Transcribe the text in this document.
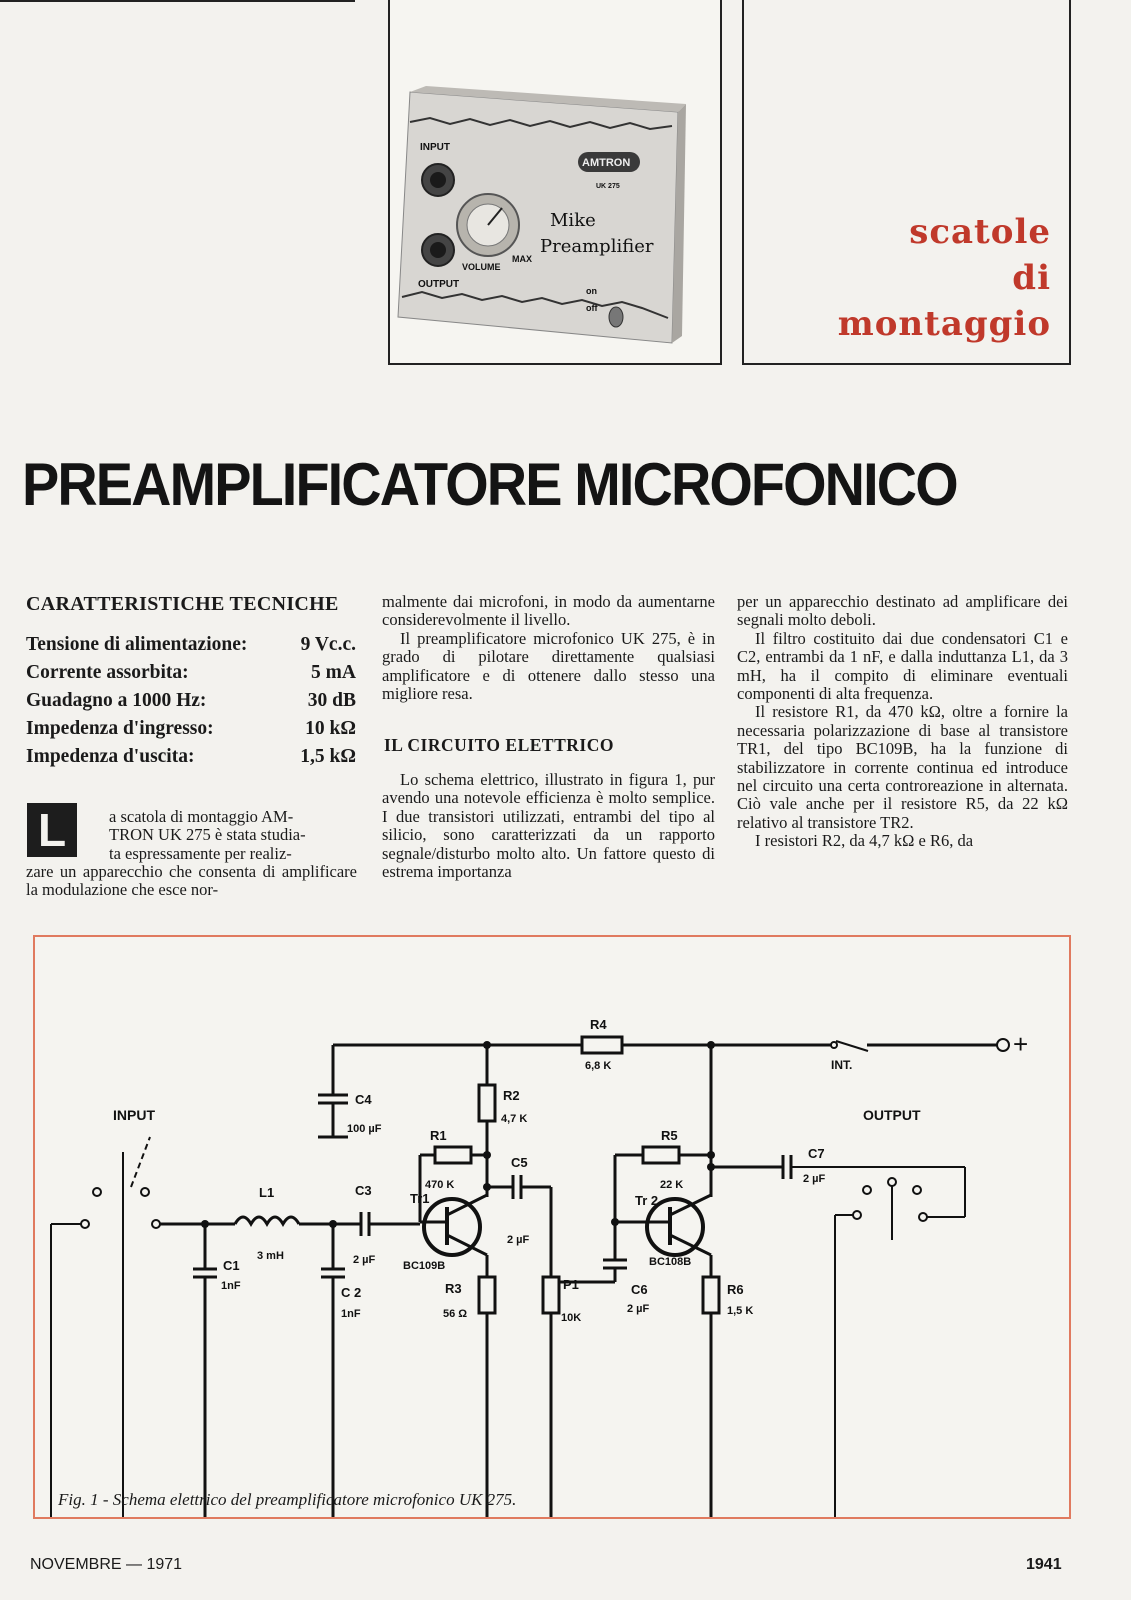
INPUT
OUTPUT
VOLUME
MAX
AMTRON
UK 275
Mike
Preamplifier
on
off
scatole
di
montaggio
PREAMPLIFICATORE MICROFONICO
CARATTERISTICHE TECNICHE
Tensione di alimentazione:	9 Vc.c.
Corrente assorbita:	5 mA
Guadagno a 1000 Hz:	30 dB
Impedenza d'ingresso:	10 kΩ
Impedenza d'uscita:	1,5 kΩ
L	a scatola di montaggio AM-
TRON UK 275 è stata studia-
ta espressamente per realiz-
zare un apparecchio che consenta di amplificare la modulazione che esce nor-
malmente dai microfoni, in modo da aumentarne considerevolmente il livello.

Il preamplificatore microfonico UK 275, è in grado di pilotare direttamente qualsiasi amplificatore e di ottenere dallo stesso una migliore resa.

IL CIRCUITO ELETTRICO

Lo schema elettrico, illustrato in figura 1, pur avendo una notevole efficienza è molto semplice. I due transistori utilizzati, entrambi del tipo al silicio, sono caratterizzati da un rapporto segnale/disturbo molto alto. Un fattore questo di estrema importanza

per un apparecchio destinato ad amplificare dei segnali molto deboli.

Il filtro costituito dai due condensatori C1 e C2, entrambi da 1 nF, e dalla induttanza L1, da 3 mH, ha il compito di eliminare eventuali componenti di alta frequenza.

Il resistore R1, da 470 kΩ, oltre a fornire la necessaria polarizzazione di base al transistore TR1, del tipo BC109B, ha la funzione di stabilizzatore in corrente continua ed introduce nel circuito una certa controreazione in alternata. Ciò vale anche per il resistore R5, da 22 kΩ relativo al transistore TR2.

I resistori R2, da 4,7 kΩ e R6, da

R4
6,8 K	INT.
+
INPUT	OUTPUT
C4
100 µF
R2
4,7 K
R1
470 K
Tr1
C5
2 µF
R5
22 K
Tr 2
C7
2 µF
L1
3 mH
C3
2 µF
C1
1nF	C 2
1nF
BC109B	BC108B
R3
56 Ω
P1
10K
C6
2 µF
R6
1,5 K
Fig. 1 - Schema elettrico del preamplificatore microfonico UK 275.
NOVEMBRE — 1971	1941
